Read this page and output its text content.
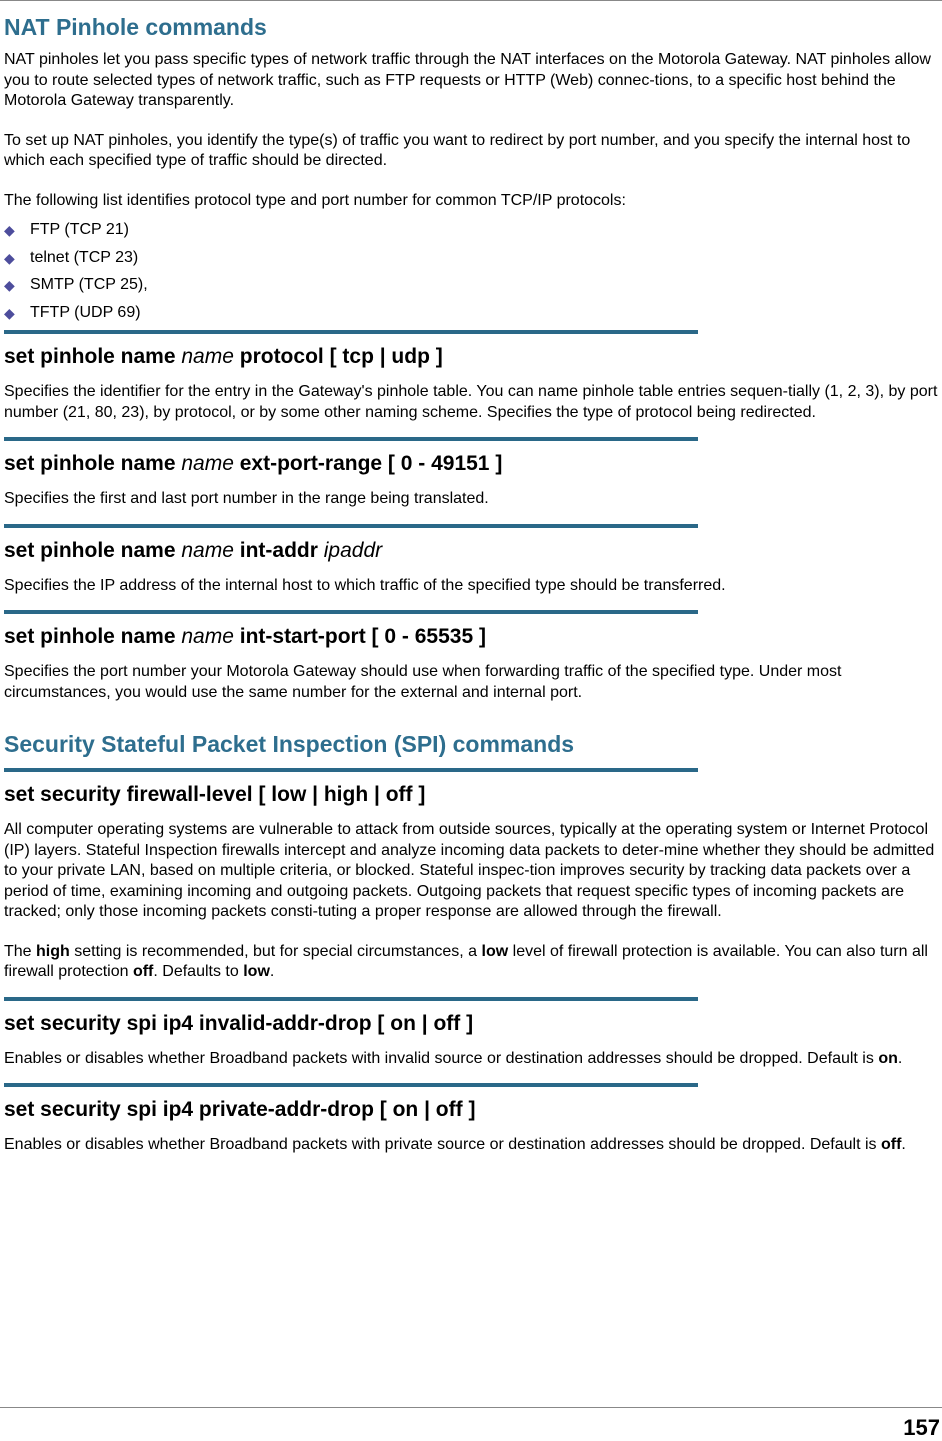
NAT Pinhole commands

NAT pinholes let you pass specific types of network traffic through the NAT interfaces on the Motorola Gateway. NAT pinholes allow you to route selected types of network traffic, such as FTP requests or HTTP (Web) connec-tions, to a specific host behind the Motorola Gateway transparently.

To set up NAT pinholes, you identify the type(s) of traffic you want to redirect by port number, and you specify the internal host to which each specified type of traffic should be directed.

The following list identifies protocol type and port number for common TCP/IP protocols:

◆ FTP (TCP 21)
◆ telnet (TCP 23)
◆ SMTP (TCP 25),
◆ TFTP (UDP 69)
set pinhole name name protocol [ tcp | udp ]

Specifies the identifier for the entry in the Gateway's pinhole table. You can name pinhole table entries sequen-tially (1, 2, 3), by port number (21, 80, 23), by protocol, or by some other naming scheme. Specifies the type of protocol being redirected.

set pinhole name name ext-port-range [ 0 - 49151 ]

Specifies the first and last port number in the range being translated.

set pinhole name name int-addr ipaddr

Specifies the IP address of the internal host to which traffic of the specified type should be transferred.

set pinhole name name int-start-port [ 0 - 65535 ]

Specifies the port number your Motorola Gateway should use when forwarding traffic of the specified type. Under most circumstances, you would use the same number for the external and internal port.

Security Stateful Packet Inspection (SPI) commands
set security firewall-level [ low | high | off ]

All computer operating systems are vulnerable to attack from outside sources, typically at the operating system or Internet Protocol (IP) layers. Stateful Inspection firewalls intercept and analyze incoming data packets to deter-mine whether they should be admitted to your private LAN, based on multiple criteria, or blocked. Stateful inspec-tion improves security by tracking data packets over a period of time, examining incoming and outgoing packets. Outgoing packets that request specific types of incoming packets are tracked; only those incoming packets consti-tuting a proper response are allowed through the firewall.

The high setting is recommended, but for special circumstances, a low level of firewall protection is available. You can also turn all firewall protection off. Defaults to low.

set security spi ip4 invalid-addr-drop [ on | off ]

Enables or disables whether Broadband packets with invalid source or destination addresses should be dropped. Default is on.

set security spi ip4 private-addr-drop [ on | off ]

Enables or disables whether Broadband packets with private source or destination addresses should be dropped. Default is off.

157
